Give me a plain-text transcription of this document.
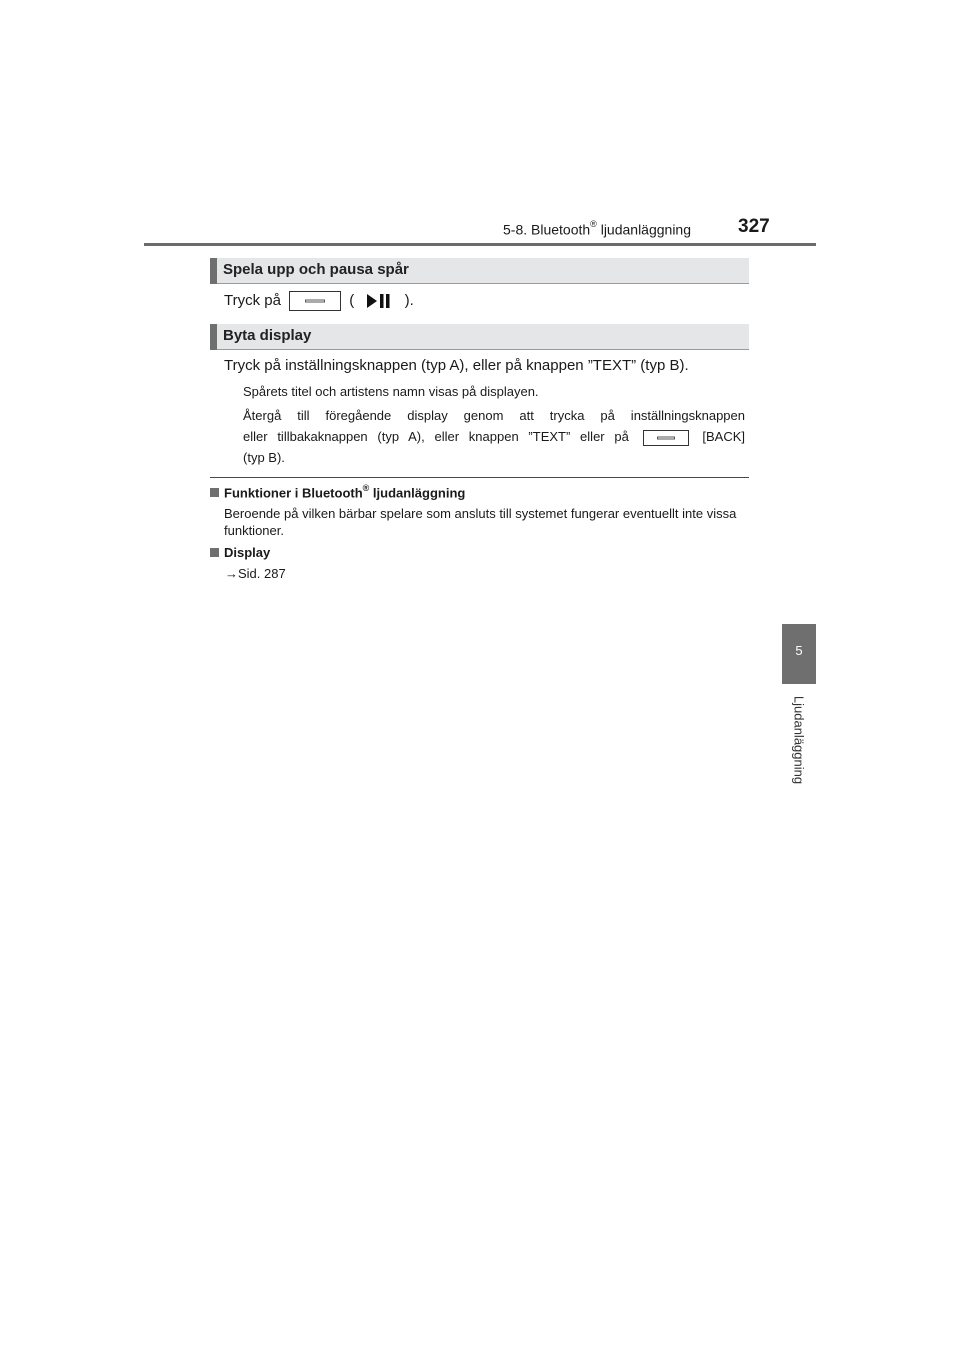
5-8. Bluetooth® ljudanläggning 327
5
Ljudanläggning
Spela upp och pausa spår
Tryck på	(	).
Byta display
Tryck på inställningsknappen (typ A), eller på knappen ”TEXT” (typ B).
Spårets titel och artistens namn visas på displayen.
Återgå till föregående display genom att trycka på inställningsknappen
eller tillbakaknappen (typ A), eller knappen ”TEXT” eller på	[BACK]
(typ B).
Funktioner i Bluetooth® ljudanläggning
Beroende på vilken bärbar spelare som ansluts till systemet fungerar eventuellt inte vissa funktioner.
Display
→Sid. 287
